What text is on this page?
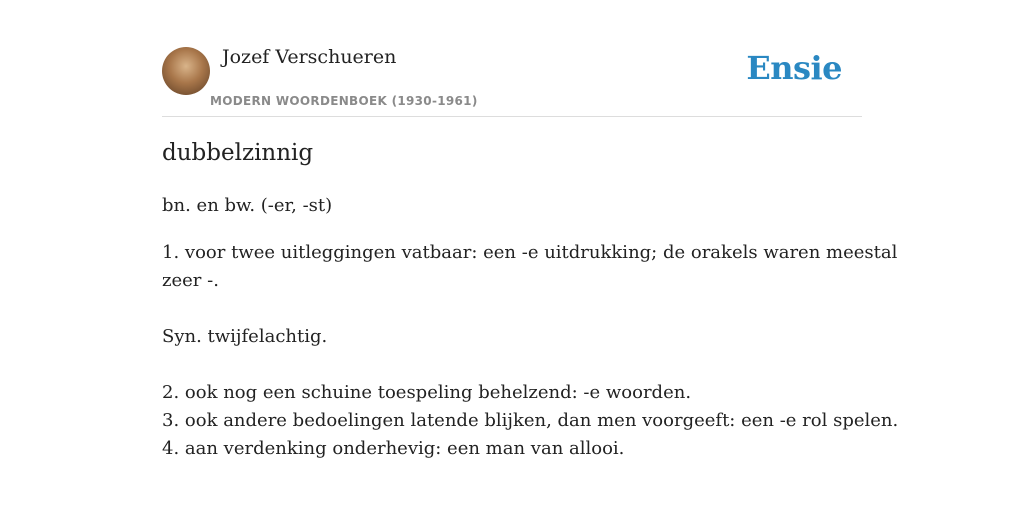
Jozef Verschueren
MODERN WOORDENBOEK (1930-1961)
Ensie
dubbelzinnig
bn. en bw. (-er, -st)
1. voor twee uitleggingen vatbaar: een -e uitdrukking; de orakels waren meestal
zeer -.
Syn. twijfelachtig.
2. ook nog een schuine toespeling behelzend: -e woorden.
3. ook andere bedoelingen latende blijken, dan men voorgeeft: een -e rol spelen.
4. aan verdenking onderhevig: een man van allooi.
